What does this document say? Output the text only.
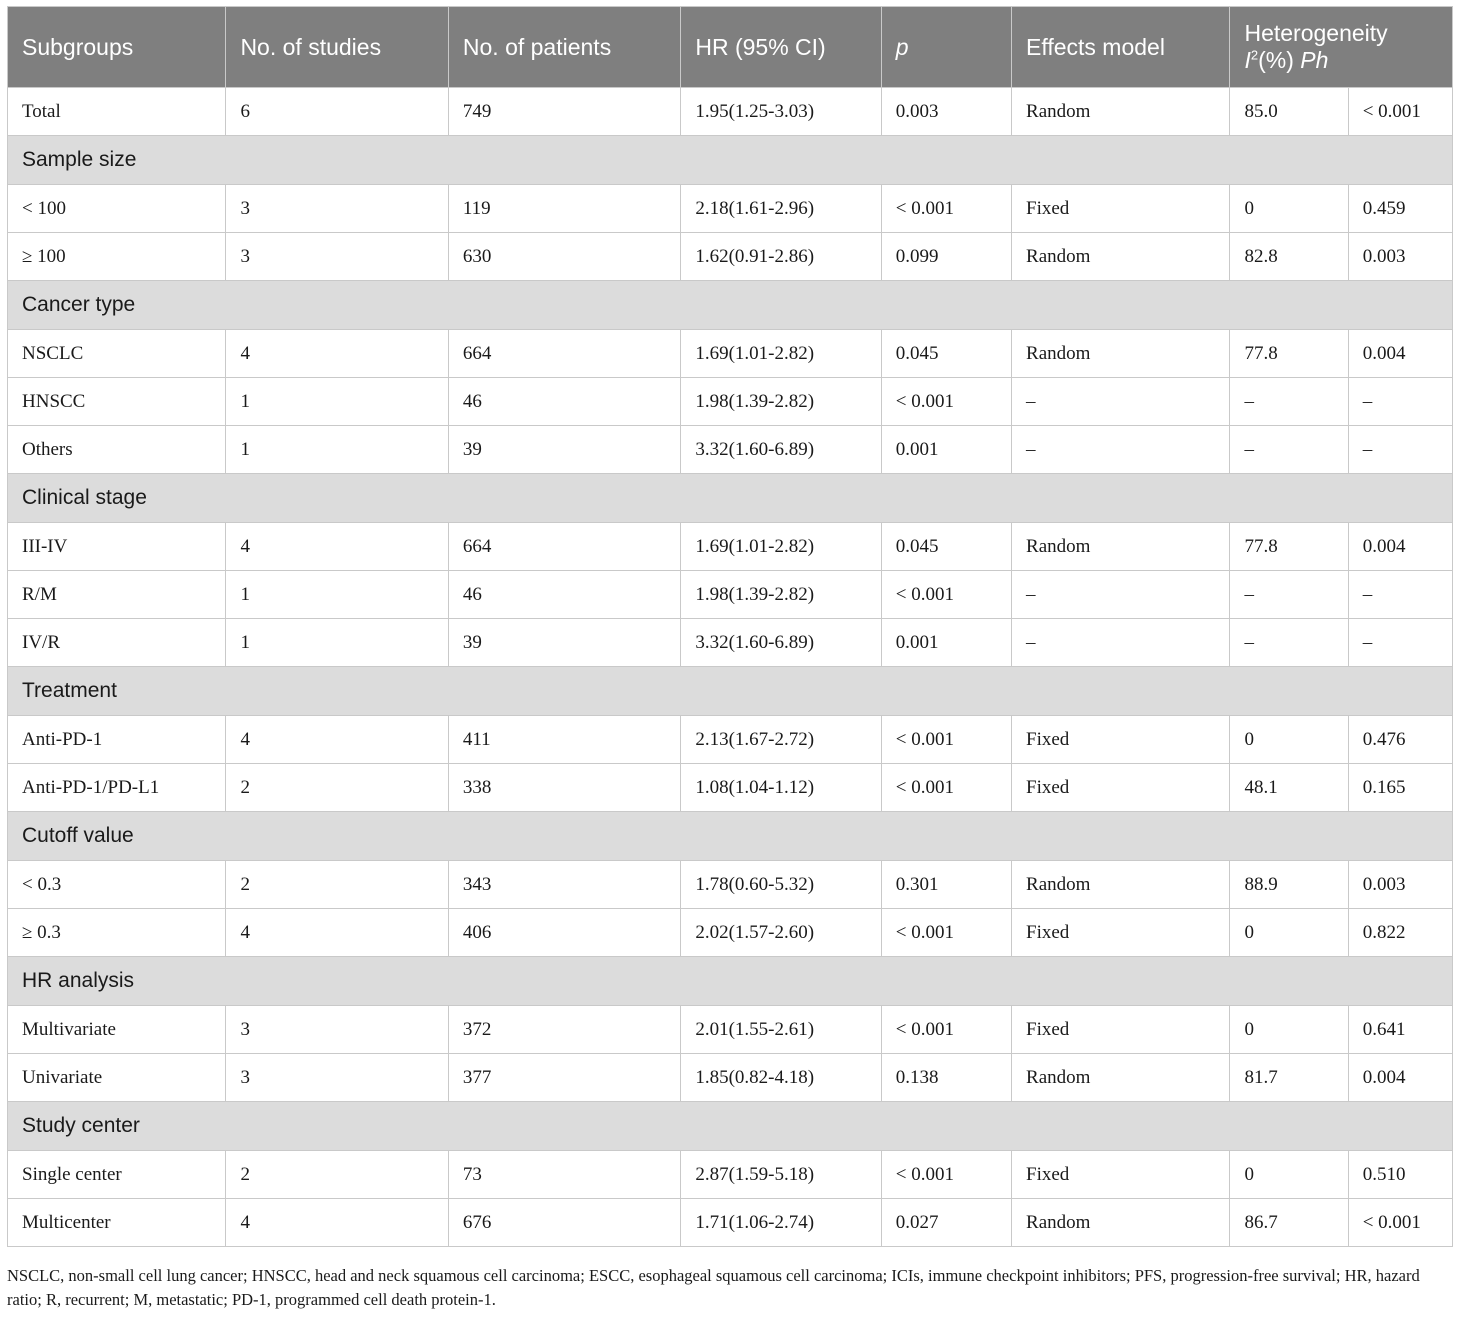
Subgroups	No. of studies	No. of patients	HR (95% CI)	p	Effects model	Heterogeneity
$I^2(\%)$ Ph	

Total	6	749	1.95(1.25-3.03)	0.003	Random	85.0	< 0.001
Sample size							
< 100	3	119	2.18(1.61-2.96)	< 0.001	Fixed	0	0.459
≥ 100	3	630	1.62(0.91-2.86)	0.099	Random	82.8	0.003
Cancer type							
NSCLC	4	664	1.69(1.01-2.82)	0.045	Random	77.8	0.004
HNSCC	1	46	1.98(1.39-2.82)	< 0.001	–	–	–
Others	1	39	3.32(1.60-6.89)	0.001	–	–	–
Clinical stage							
III-IV	4	664	1.69(1.01-2.82)	0.045	Random	77.8	0.004
R/M	1	46	1.98(1.39-2.82)	< 0.001	–	–	–
IV/R	1	39	3.32(1.60-6.89)	0.001	–	–	–
Treatment							
Anti-PD-1	4	411	2.13(1.67-2.72)	< 0.001	Fixed	0	0.476
Anti-PD-1/PD-L1	2	338	1.08(1.04-1.12)	< 0.001	Fixed	48.1	0.165
Cutoff value							
< 0.3	2	343	1.78(0.60-5.32)	0.301	Random	88.9	0.003
≥ 0.3	4	406	2.02(1.57-2.60)	< 0.001	Fixed	0	0.822
HR analysis							
Multivariate	3	372	2.01(1.55-2.61)	< 0.001	Fixed	0	0.641
Univariate	3	377	1.85(0.82-4.18)	0.138	Random	81.7	0.004
Study center							
Single center	2	73	2.87(1.59-5.18)	< 0.001	Fixed	0	0.510
Multicenter	4	676	1.71(1.06-2.74)	0.027	Random	86.7	< 0.001
NSCLC, non-small cell lung cancer; HNSCC, head and neck squamous cell carcinoma; ESCC, esophageal squamous cell carcinoma; ICIs, immune checkpoint inhibitors; PFS, progression-free survival; HR, hazard ratio; R, recurrent; M, metastatic; PD-1, programmed cell death protein-1.
